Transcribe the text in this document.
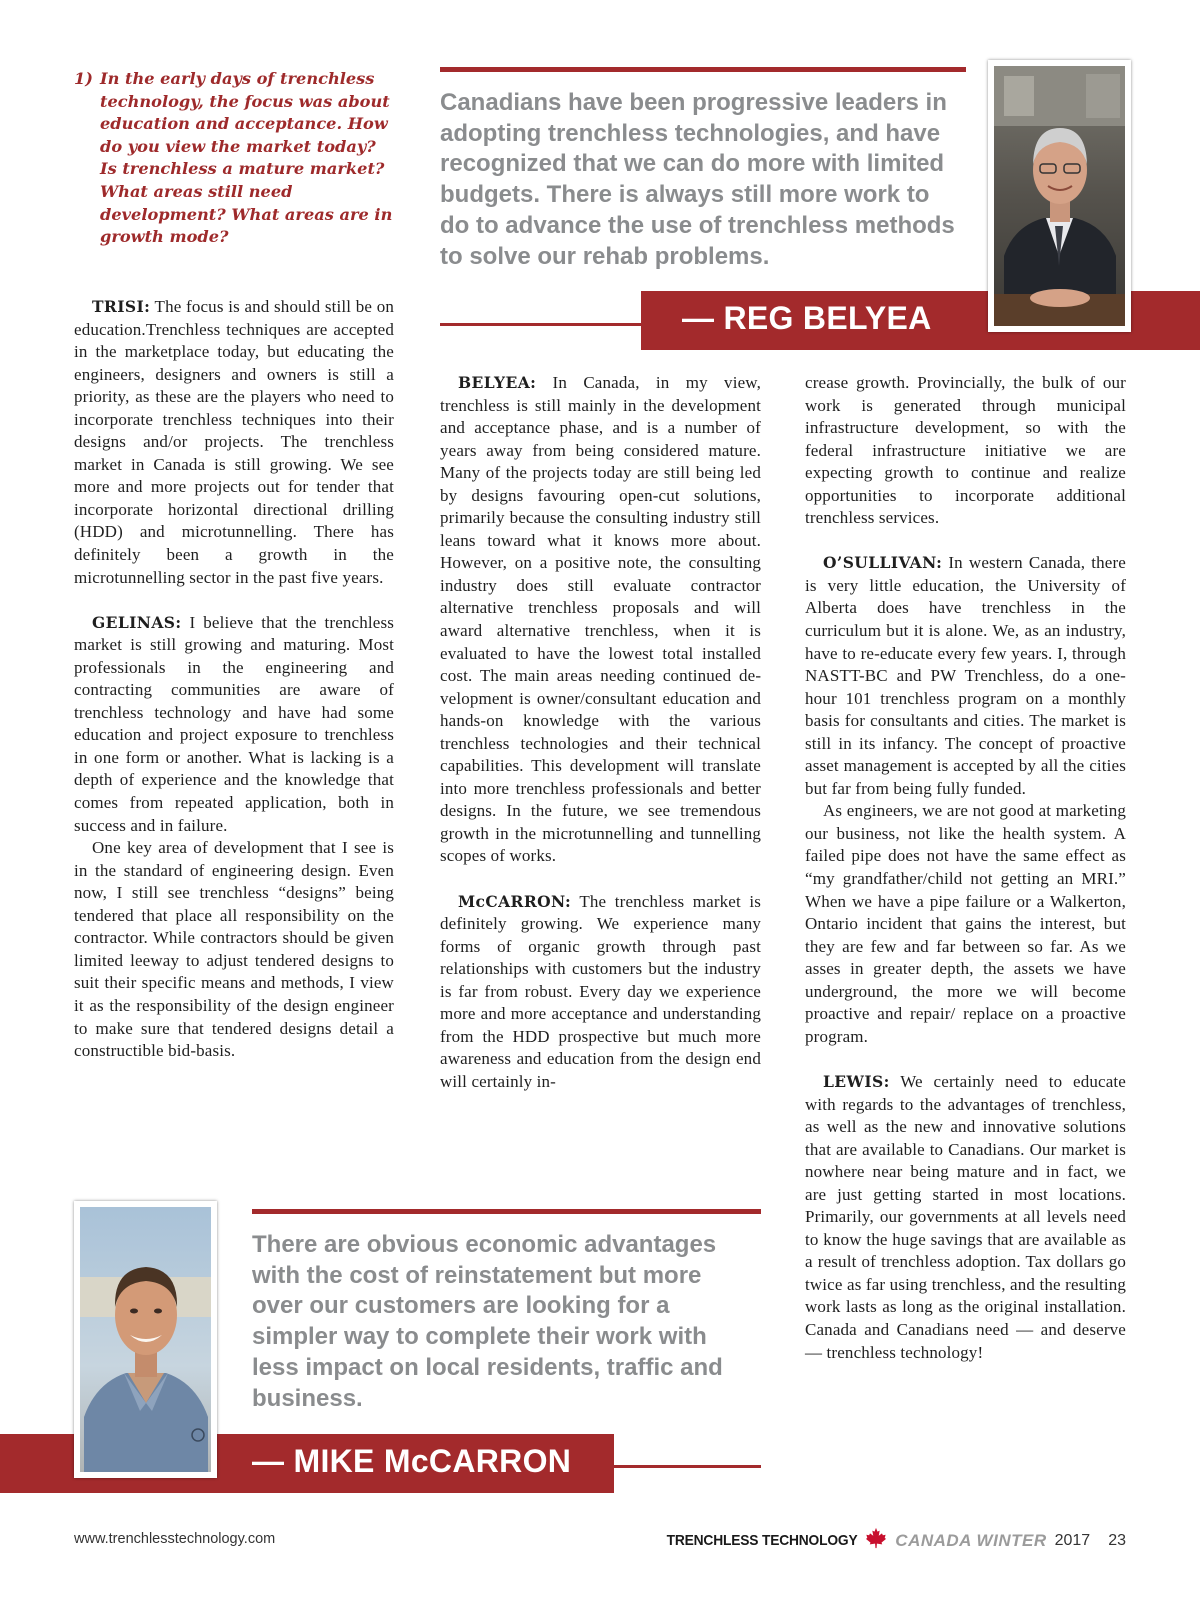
1) In the early days of trenchless technology, the focus was about education and acceptance. How do you view the market today? Is trenchless a mature market? What areas still need development? What areas are in growth mode?

TRISI: The focus is and should still be on education.Trenchless techniques are accepted in the marketplace today, but educating the engineers, designers and owners is still a priority, as these are the players who need to incorporate trenchless techniques into their designs and/or projects. The trenchless market in Canada is still growing. We see more and more projects out for tender that incorporate horizontal directional drilling (HDD) and microtunnelling. There has definitely been a growth in the microtunnelling sector in the past five years.

GELINAS: I believe that the trenchless market is still growing and maturing. Most professionals in the engineering and contracting communities are aware of trenchless technology and have had some education and project exposure to trenchless in one form or another. What is lacking is a depth of experience and the knowledge that comes from repeated application, both in success and in failure.

One key area of development that I see is in the standard of engineering design. Even now, I still see trenchless “designs” being tendered that place all responsibility on the contractor. While contractors should be given limited leeway to adjust tendered designs to suit their specific means and methods, I view it as the responsibility of the design engineer to make sure that tendered designs detail a constructible bid-basis.

Canadians have been progressive leaders in adopting trenchless technologies, and have recognized that we can do more with limited budgets. There is always still more work to do to advance the use of trenchless methods to solve our rehab problems.
— REG BELYEA

BELYEA: In Canada, in my view, trenchless is still mainly in the development and acceptance phase, and is a number of years away from being considered mature. Many of the projects today are still being led by designs favouring open-cut solutions, primarily because the consulting industry still leans toward what it knows more about. However, on a positive note, the consulting industry does still evaluate contractor alternative trenchless proposals and will award alternative trenchless, when it is evaluated to have the lowest total installed cost. The main areas needing continued development is owner/consultant education and hands-on knowledge with the various trenchless technologies and their technical capabilities. This development will translate into more trenchless professionals and better designs. In the future, we see tremendous growth in the microtunnelling and tunnelling scopes of works.

McCARRON: The trenchless market is definitely growing. We experience many forms of organic growth through past relationships with customers but the industry is far from robust. Every day we experience more and more acceptance and understanding from the HDD prospective but much more awareness and education from the design end will certainly in-

crease growth. Provincially, the bulk of our work is generated through municipal infrastructure development, so with the federal infrastructure initiative we are expecting growth to continue and realize opportunities to incorporate additional trenchless services.

O’SULLIVAN: In western Canada, there is very little education, the University of Alberta does have trenchless in the curriculum but it is alone. We, as an industry, have to re-educate every few years. I, through NASTT-BC and PW Trenchless, do a one-hour 101 trenchless program on a monthly basis for consultants and cities. The market is still in its infancy. The concept of proactive asset management is accepted by all the cities but far from being fully funded.

As engineers, we are not good at marketing our business, not like the health system. A failed pipe does not have the same effect as “my grandfather/child not getting an MRI.” When we have a pipe failure or a Walkerton, Ontario incident that gains the interest, but they are few and far between so far. As we asses in greater depth, the assets we have underground, the more we will become proactive and repair/ replace on a proactive program.

LEWIS: We certainly need to educate with regards to the advantages of trenchless, as well as the new and innovative solutions that are available to Canadians. Our market is nowhere near being mature and in fact, we are just getting started in most locations. Primarily, our governments at all levels need to know the huge savings that are available as a result of trenchless adoption. Tax dollars go twice as far using trenchless, and the resulting work lasts as long as the original installation. Canada and Canadians need — and deserve — trenchless technology!

There are obvious economic advantages with the cost of reinstatement but more over our customers are looking for a simpler way to complete their work with less impact on local residents, traffic and business.
— MIKE McCARRON
www.trenchlesstechnology.com	TRENCHLESS TECHNOLOGY CANADA WINTER 2017 23
